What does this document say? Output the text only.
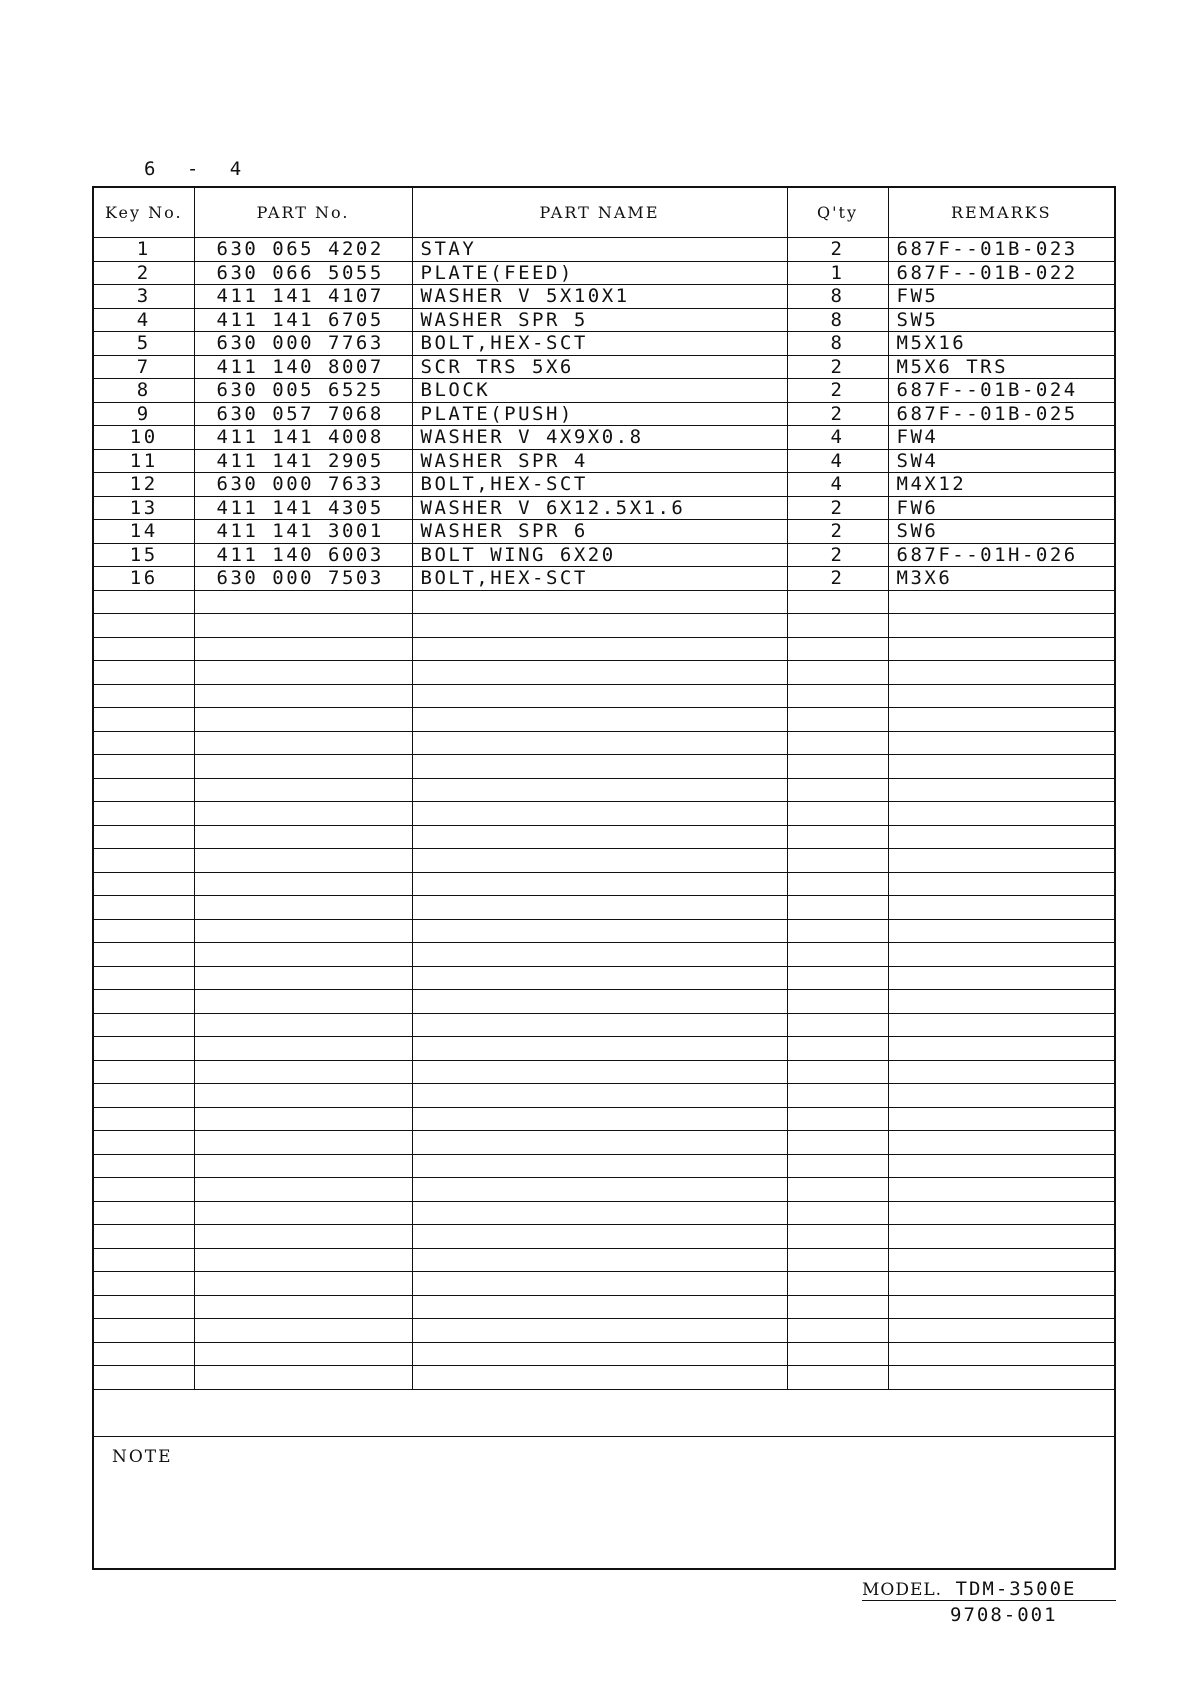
6 - 4
Key No.	PART No.	PART NAME	Q'ty	REMARKS
1	630 065 4202	STAY	2	687F--01B-023
2	630 066 5055	PLATE(FEED)	1	687F--01B-022
3	411 141 4107	WASHER V 5X10X1	8	FW5
4	411 141 6705	WASHER SPR 5	8	SW5
5	630 000 7763	BOLT,HEX-SCT	8	M5X16
7	411 140 8007	SCR TRS 5X6	2	M5X6 TRS
8	630 005 6525	BLOCK	2	687F--01B-024
9	630 057 7068	PLATE(PUSH)	2	687F--01B-025
10	411 141 4008	WASHER V 4X9X0.8	4	FW4
11	411 141 2905	WASHER SPR 4	4	SW4
12	630 000 7633	BOLT,HEX-SCT	4	M4X12
13	411 141 4305	WASHER V 6X12.5X1.6	2	FW6
14	411 141 3001	WASHER SPR 6	2	SW6
15	411 140 6003	BOLT WING 6X20	2	687F--01H-026
16	630 000 7503	BOLT,HEX-SCT	2	M3X6

NOTE
MODEL. TDM-3500E
9708-001
